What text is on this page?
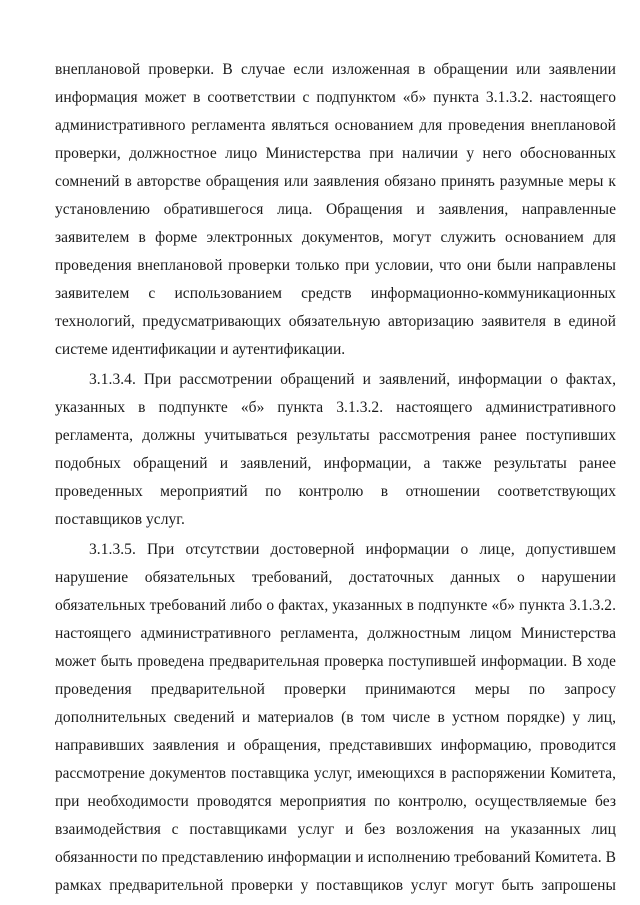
внеплановой проверки. В случае если изложенная в обращении или заявлении
информация может в соответствии с подпунктом «б» пункта 3.1.3.2. настоящего
административного регламента являться основанием для проведения внеплановой
проверки, должностное лицо Министерства при наличии у него обоснованных
сомнений в авторстве обращения или заявления обязано принять разумные меры к
установлению обратившегося лица. Обращения и заявления, направленные
заявителем в форме электронных документов, могут служить основанием для
проведения внеплановой проверки только при условии, что они были направлены
заявителем с использованием средств информационно-коммуникационных
технологий, предусматривающих обязательную авторизацию заявителя в единой
системе идентификации и аутентификации.
3.1.3.4. При рассмотрении обращений и заявлений, информации о фактах,
указанных в подпункте «б» пункта 3.1.3.2. настоящего административного
регламента, должны учитываться результаты рассмотрения ранее поступивших
подобных обращений и заявлений, информации, а также результаты ранее
проведенных мероприятий по контролю в отношении соответствующих
поставщиков услуг.
3.1.3.5. При отсутствии достоверной информации о лице, допустившем
нарушение обязательных требований, достаточных данных о нарушении
обязательных требований либо о фактах, указанных в подпункте «б» пункта 3.1.3.2.
настоящего административного регламента, должностным лицом Министерства
может быть проведена предварительная проверка поступившей информации. В ходе
проведения предварительной проверки принимаются меры по запросу
дополнительных сведений и материалов (в том числе в устном порядке) у лиц,
направивших заявления и обращения, представивших информацию, проводится
рассмотрение документов поставщика услуг, имеющихся в распоряжении Комитета,
при необходимости проводятся мероприятия по контролю, осуществляемые без
взаимодействия с поставщиками услуг и без возложения на указанных лиц
обязанности по представлению информации и исполнению требований Комитета. В
рамках предварительной проверки у поставщиков услуг могут быть запрошены
